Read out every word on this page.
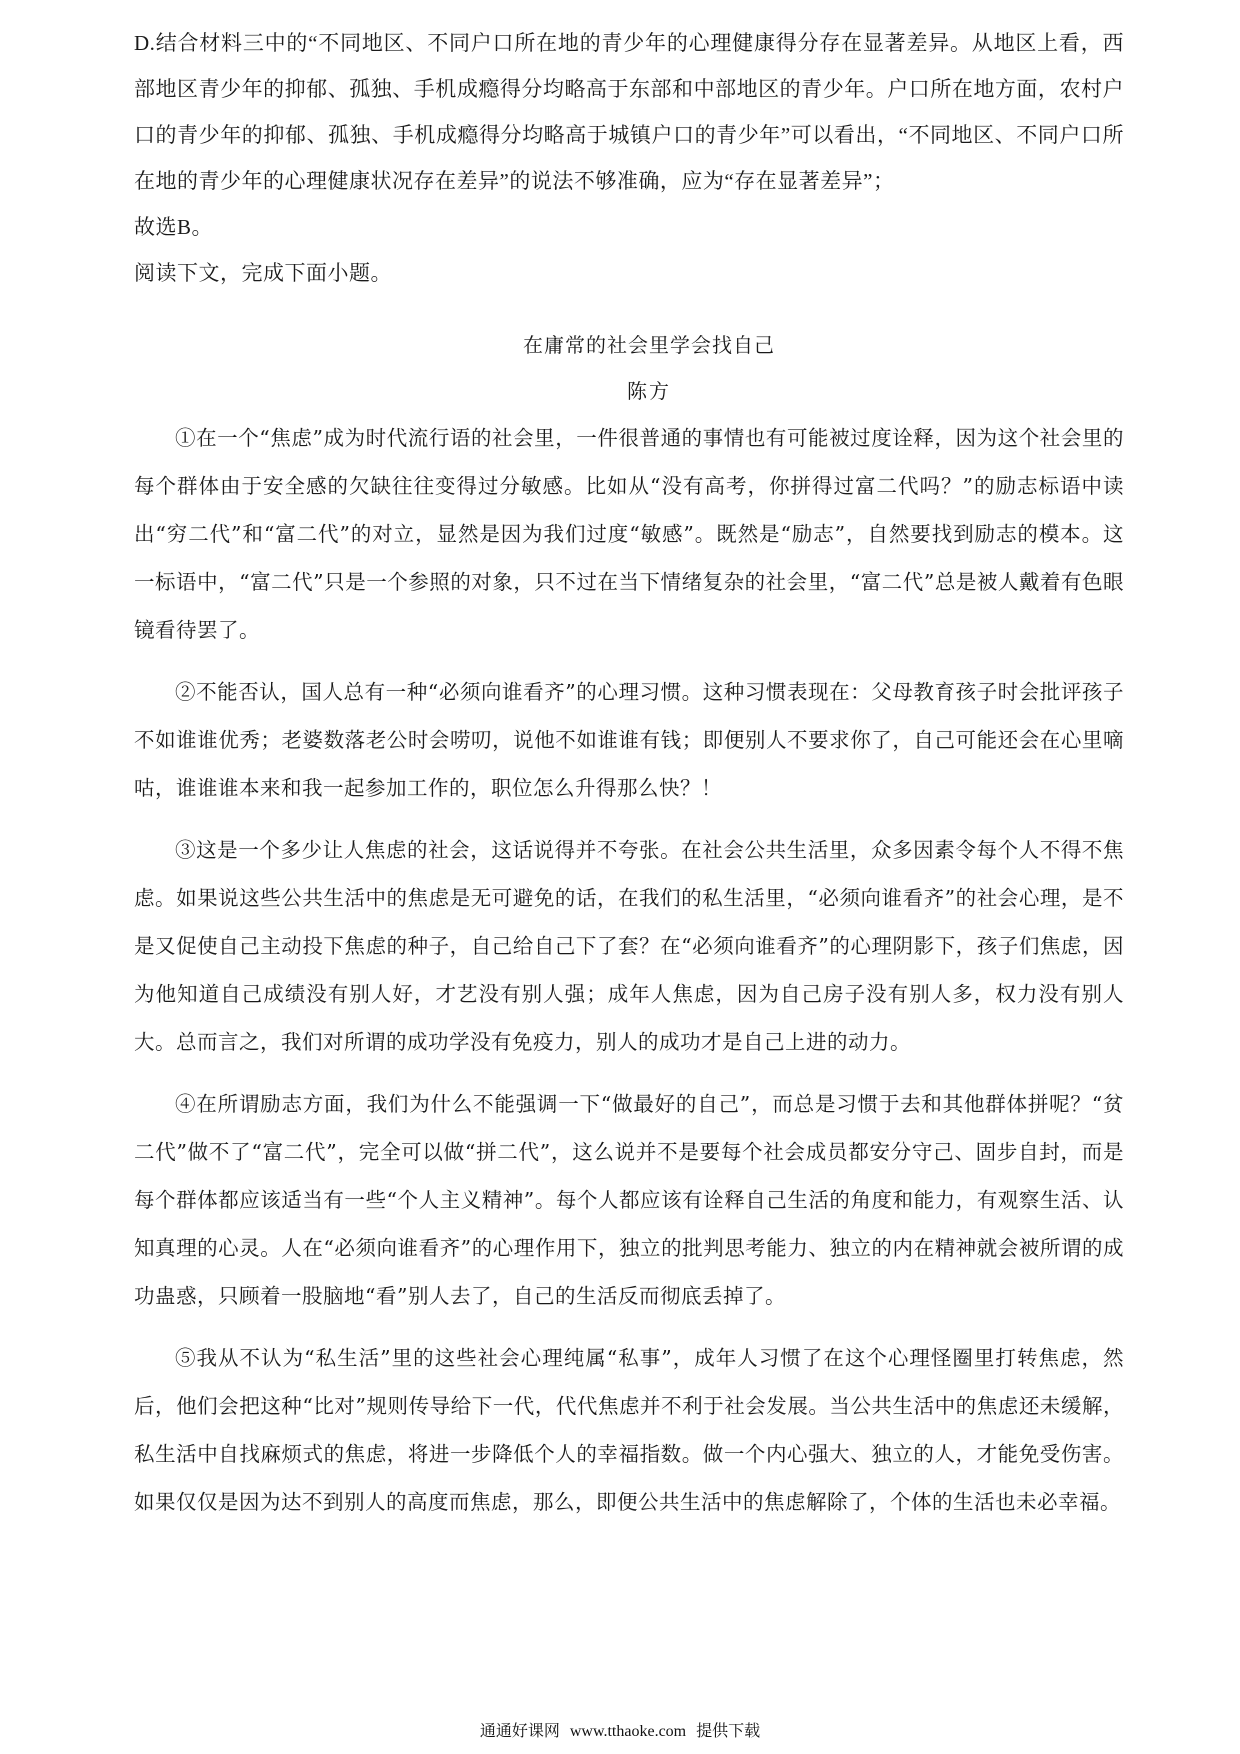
D.结合材料三中的“不同地区、不同户口所在地的青少年的心理健康得分存在显著差异。从地区上看，西部地区青少年的抑郁、孤独、手机成瘾得分均略高于东部和中部地区的青少年。户口所在地方面，农村户口的青少年的抑郁、孤独、手机成瘾得分均略高于城镇户口的青少年”可以看出，“不同地区、不同户口所在地的青少年的心理健康状况存在差异”的说法不够准确，应为“存在显著差异”；

故选B。

阅读下文，完成下面小题。

在庸常的社会里学会找自己
陈方

①在一个“焦虑”成为时代流行语的社会里，一件很普通的事情也有可能被过度诠释，因为这个社会里的每个群体由于安全感的欠缺往往变得过分敏感。比如从“没有高考，你拼得过富二代吗？”的励志标语中读出“穷二代”和“富二代”的对立，显然是因为我们过度“敏感”。既然是“励志”，自然要找到励志的模本。这一标语中，“富二代”只是一个参照的对象，只不过在当下情绪复杂的社会里，“富二代”总是被人戴着有色眼镜看待罢了。

②不能否认，国人总有一种“必须向谁看齐”的心理习惯。这种习惯表现在：父母教育孩子时会批评孩子不如谁谁优秀；老婆数落老公时会唠叨，说他不如谁谁有钱；即便别人不要求你了，自己可能还会在心里嘀咕，谁谁谁本来和我一起参加工作的，职位怎么升得那么快？！

③这是一个多少让人焦虑的社会，这话说得并不夸张。在社会公共生活里，众多因素令每个人不得不焦虑。如果说这些公共生活中的焦虑是无可避免的话，在我们的私生活里，“必须向谁看齐”的社会心理，是不是又促使自己主动投下焦虑的种子，自己给自己下了套？在“必须向谁看齐”的心理阴影下，孩子们焦虑，因为他知道自己成绩没有别人好，才艺没有别人强；成年人焦虑，因为自己房子没有别人多，权力没有别人大。总而言之，我们对所谓的成功学没有免疫力，别人的成功才是自己上进的动力。

④在所谓励志方面，我们为什么不能强调一下“做最好的自己”，而总是习惯于去和其他群体拼呢？“贫二代”做不了“富二代”，完全可以做“拼二代”，这么说并不是要每个社会成员都安分守己、固步自封，而是每个群体都应该适当有一些“个人主义精神”。每个人都应该有诠释自己生活的角度和能力，有观察生活、认知真理的心灵。人在“必须向谁看齐”的心理作用下，独立的批判思考能力、独立的内在精神就会被所谓的成功蛊惑，只顾着一股脑地“看”别人去了，自己的生活反而彻底丢掉了。

⑤我从不认为“私生活”里的这些社会心理纯属“私事”，成年人习惯了在这个心理怪圈里打转焦虑，然后，他们会把这种“比对”规则传导给下一代，代代焦虑并不利于社会发展。当公共生活中的焦虑还未缓解，私生活中自找麻烦式的焦虑，将进一步降低个人的幸福指数。做一个内心强大、独立的人，才能免受伤害。如果仅仅是因为达不到别人的高度而焦虑，那么，即便公共生活中的焦虑解除了，个体的生活也未必幸福。

通通好课网 www.tthaoke.com 提供下载
